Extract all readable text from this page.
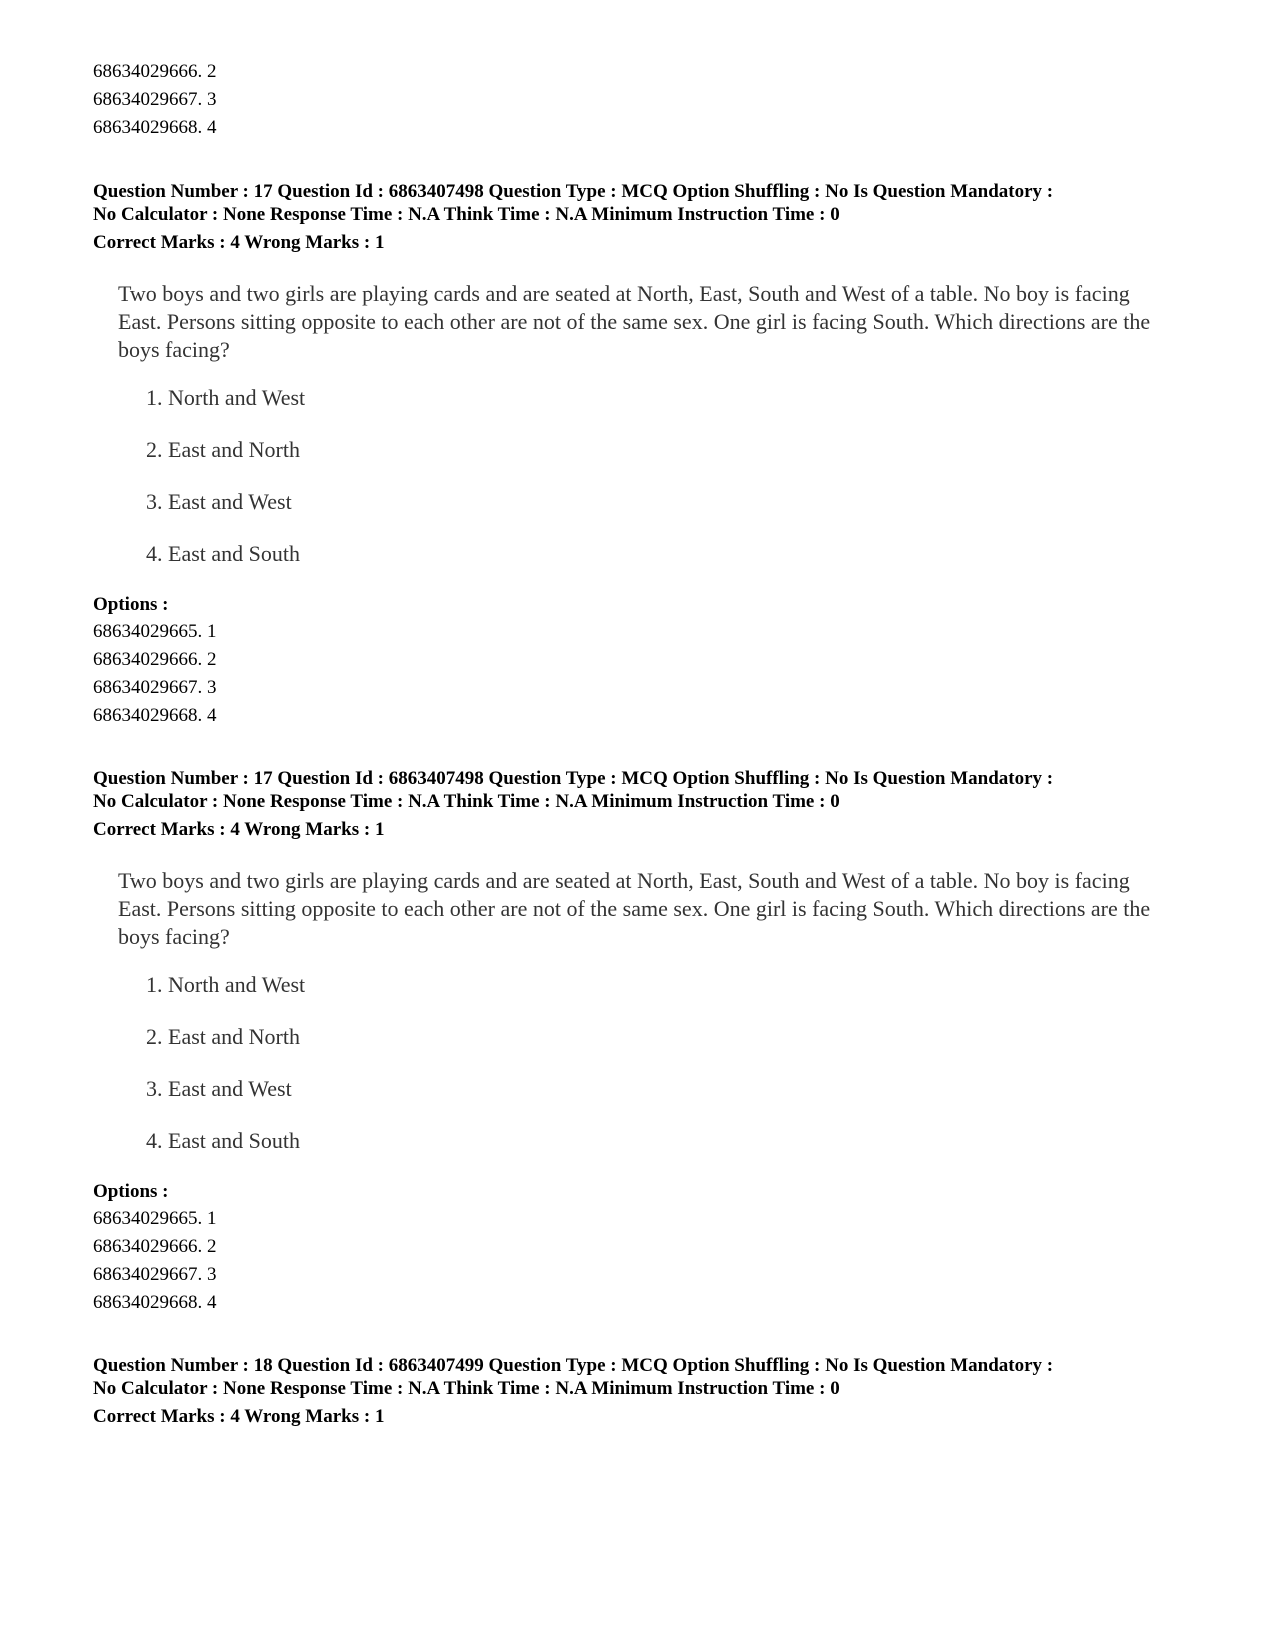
68634029666. 2
68634029667. 3
68634029668. 4
Question Number : 17 Question Id : 6863407498 Question Type : MCQ Option Shuffling : No Is Question Mandatory :
No Calculator : None Response Time : N.A Think Time : N.A Minimum Instruction Time : 0
Correct Marks : 4 Wrong Marks : 1
Two boys and two girls are playing cards and are seated at North, East, South and West of a table. No boy is facing East. Persons sitting opposite to each other are not of the same sex. One girl is facing South. Which directions are the boys facing?
1. North and West
2. East and North
3. East and West
4. East and South
Options :
68634029665. 1
68634029666. 2
68634029667. 3
68634029668. 4
Question Number : 17 Question Id : 6863407498 Question Type : MCQ Option Shuffling : No Is Question Mandatory :
No Calculator : None Response Time : N.A Think Time : N.A Minimum Instruction Time : 0
Correct Marks : 4 Wrong Marks : 1
Two boys and two girls are playing cards and are seated at North, East, South and West of a table. No boy is facing East. Persons sitting opposite to each other are not of the same sex. One girl is facing South. Which directions are the boys facing?
1. North and West
2. East and North
3. East and West
4. East and South
Options :
68634029665. 1
68634029666. 2
68634029667. 3
68634029668. 4
Question Number : 18 Question Id : 6863407499 Question Type : MCQ Option Shuffling : No Is Question Mandatory :
No Calculator : None Response Time : N.A Think Time : N.A Minimum Instruction Time : 0
Correct Marks : 4 Wrong Marks : 1
